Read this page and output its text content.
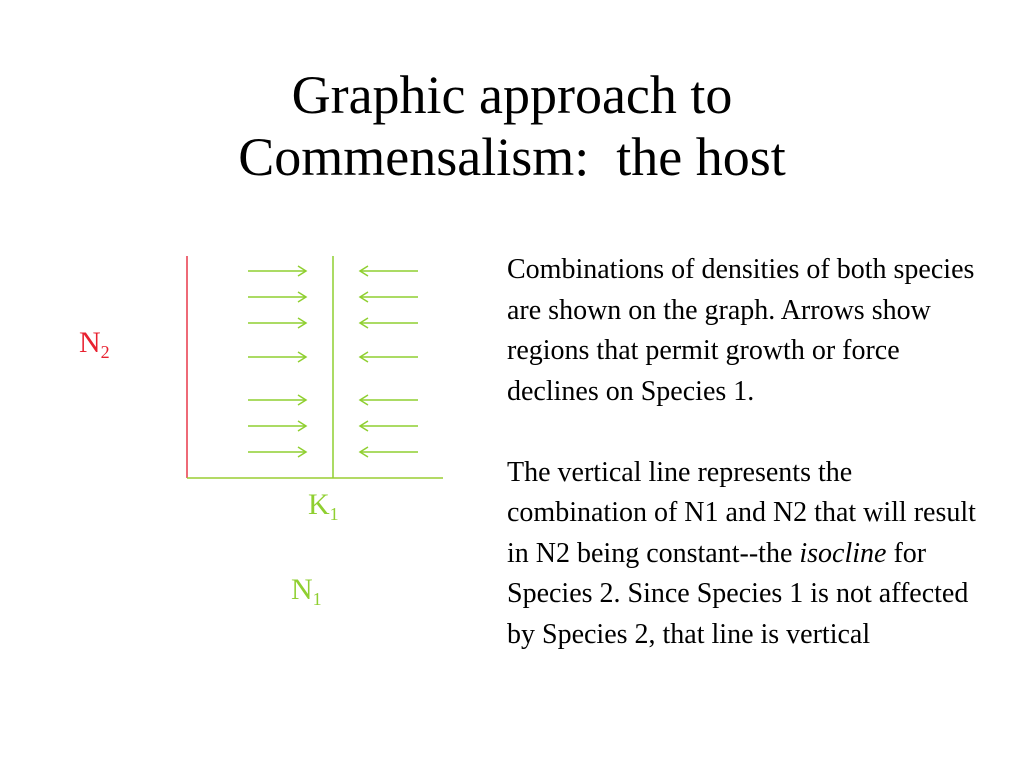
Graphic approach to
Commensalism:  the host
$N_2$
$K_1$
$N_1$

Combinations of densities of both species are shown on the graph. Arrows show regions that permit growth or force declines on Species 1.

The vertical line represents the combination of N1 and N2 that will result in N2 being constant--the isocline for Species 2. Since Species 1 is not affected by Species 2, that line is vertical
